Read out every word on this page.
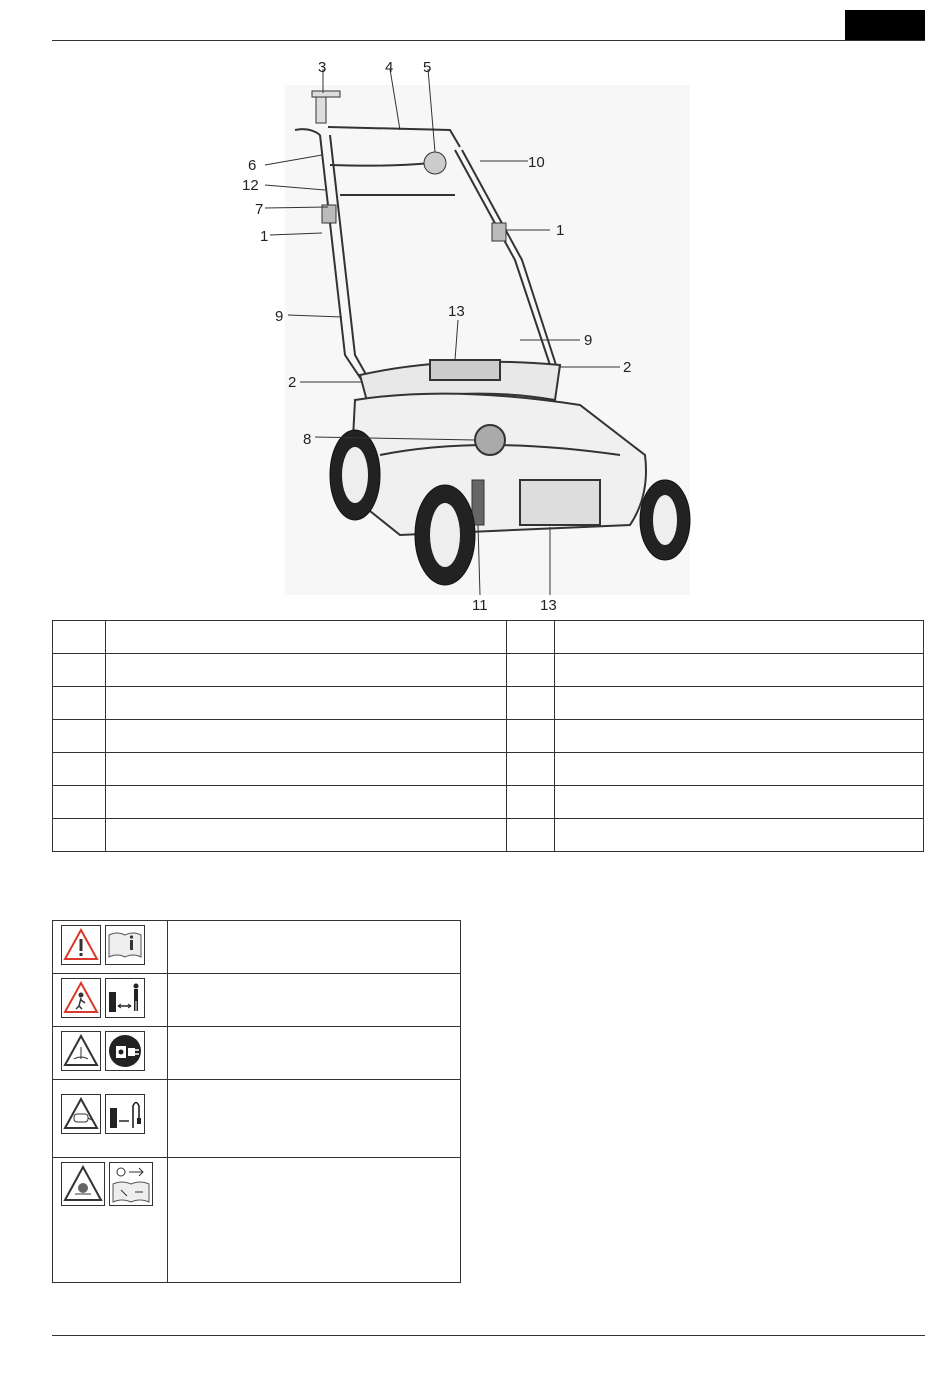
3	4 5
6
12
7
1
10
1
9	13
9
2
2
8
11	13
